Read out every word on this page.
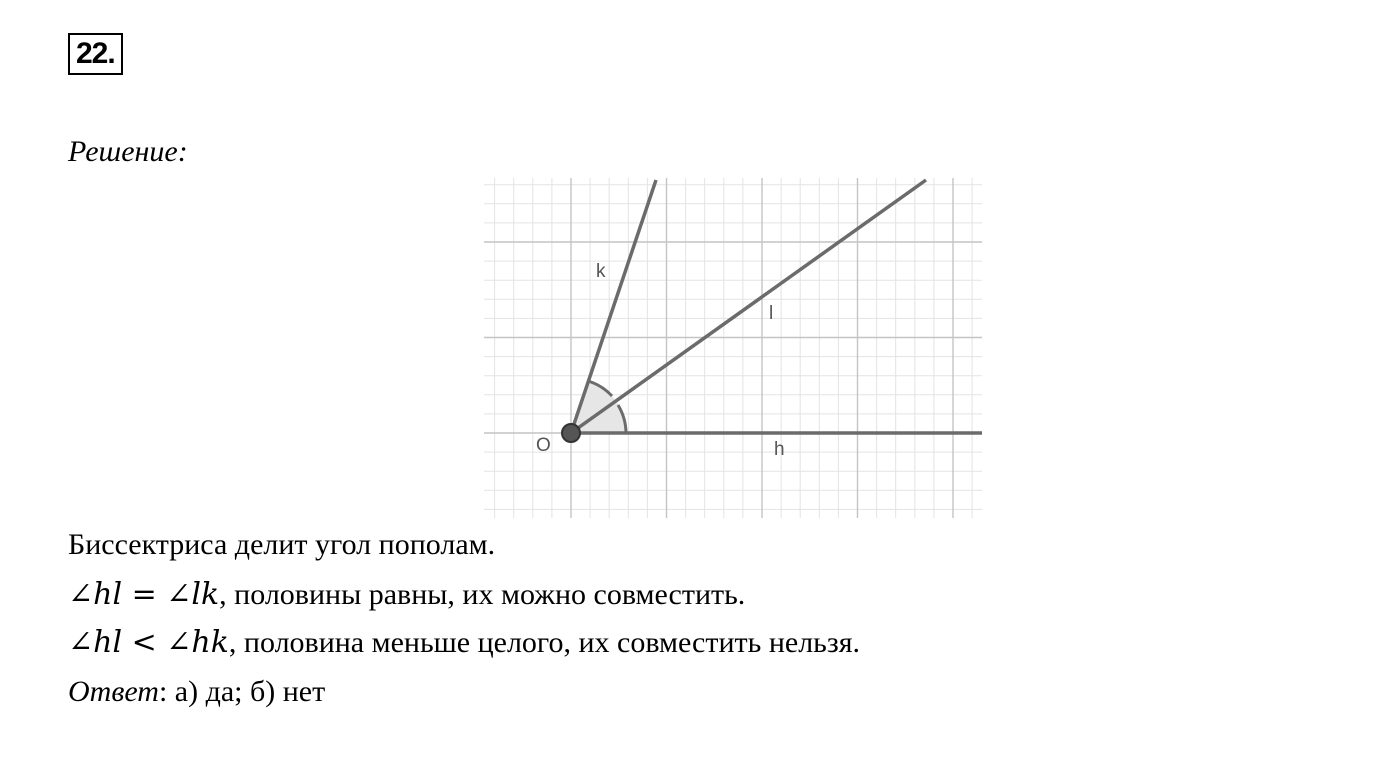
22.
Решение:
O
k
l
h
Биссектриса делит угол пополам.
∠hl = ∠lk, половины равны, их можно совместить.
∠hl < ∠hk, половина меньше целого, их совместить нельзя.
Ответ: а) да; б) нет
